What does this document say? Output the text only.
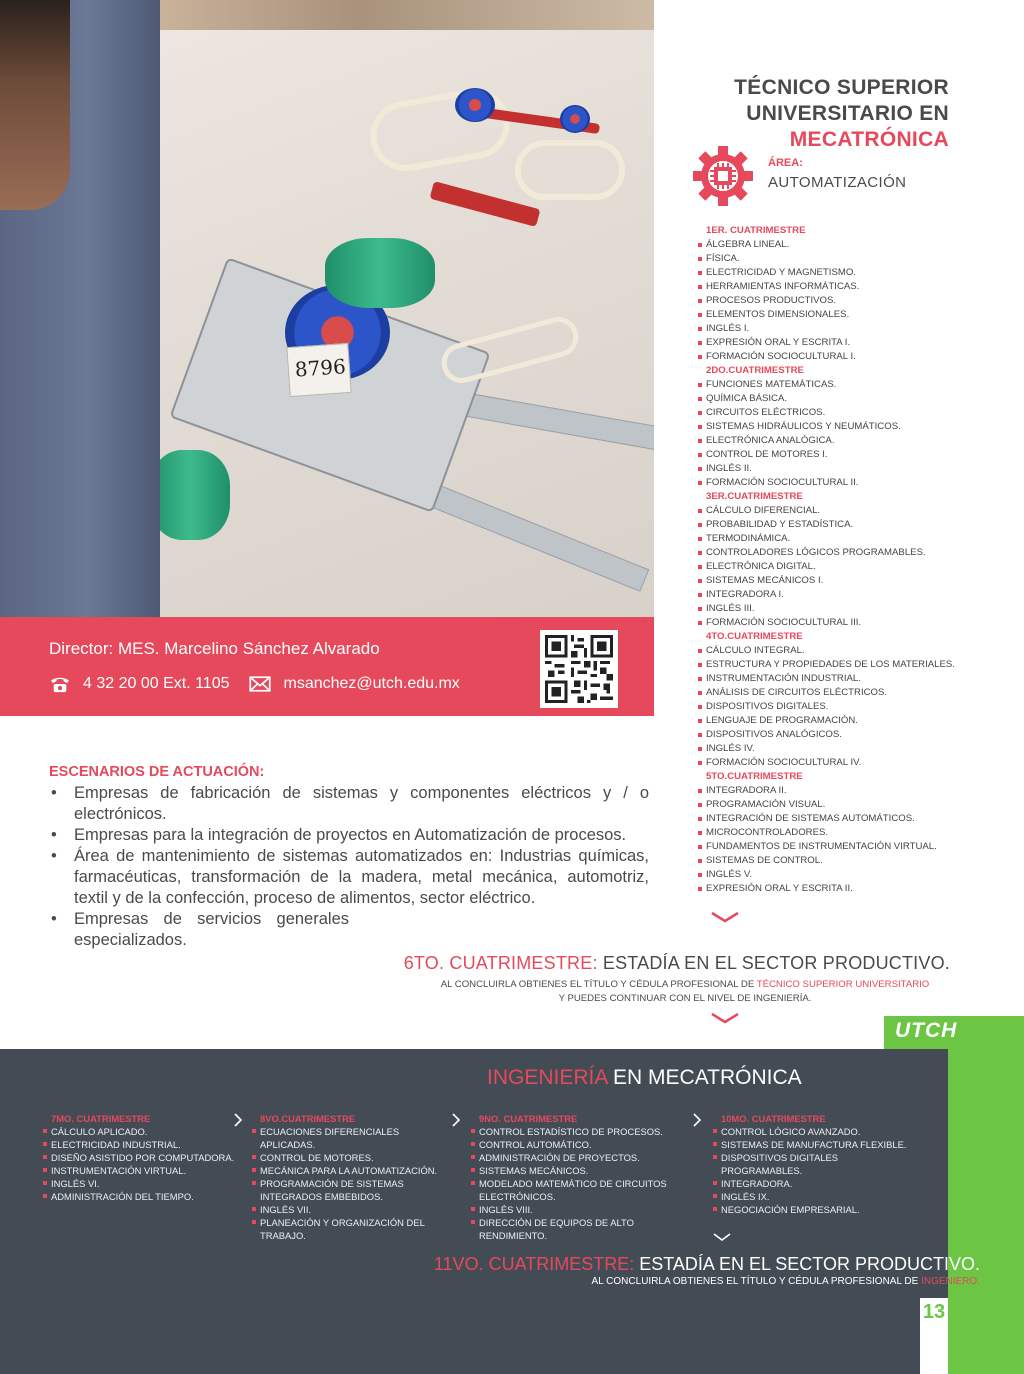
8796
Director: MES. Marcelino Sánchez Alvarado
4 32 20 00 Ext. 1105	msanchez@utch.edu.mx
TÉCNICO SUPERIOR
UNIVERSITARIO EN
MECATRÓNICA
ÁREA:
AUTOMATIZACIÓN
1ER. CUATRIMESTRE
ÁLGEBRA LINEAL.
FÍSICA.
ELECTRICIDAD Y MAGNETISMO.
HERRAMIENTAS INFORMÁTICAS.
PROCESOS PRODUCTIVOS.
ELEMENTOS DIMENSIONALES.
INGLÉS I.
EXPRESIÓN ORAL Y ESCRITA I.
FORMACIÓN SOCIOCULTURAL I.
2DO.CUATRIMESTRE
FUNCIONES MATEMÁTICAS.
QUÍMICA BÁSICA.
CIRCUITOS ELÉCTRICOS.
SISTEMAS HIDRÁULICOS Y NEUMÁTICOS.
ELECTRÓNICA ANALÓGICA.
CONTROL DE MOTORES I.
INGLÉS II.
FORMACIÓN SOCIOCULTURAL II.
3ER.CUATRIMESTRE
CÁLCULO DIFERENCIAL.
PROBABILIDAD Y ESTADÍSTICA.
TERMODINÁMICA.
CONTROLADORES LÓGICOS PROGRAMABLES.
ELECTRÓNICA DIGITAL.
SISTEMAS MECÁNICOS I.
INTEGRADORA I.
INGLÉS III.
FORMACIÓN SOCIOCULTURAL III.
4TO.CUATRIMESTRE
CÁLCULO INTEGRAL.
ESTRUCTURA Y PROPIEDADES DE LOS MATERIALES.
INSTRUMENTACIÓN INDUSTRIAL.
ANÁLISIS DE CIRCUITOS ELÉCTRICOS.
DISPOSITIVOS DIGITALES.
LENGUAJE DE PROGRAMACIÓN.
DISPOSITIVOS ANALÓGICOS.
INGLÉS IV.
FORMACIÓN SOCIOCULTURAL IV.
5TO.CUATRIMESTRE
INTEGRADORA II.
PROGRAMACIÓN VISUAL.
INTEGRACIÓN DE SISTEMAS AUTOMÁTICOS.
MICROCONTROLADORES.
FUNDAMENTOS DE INSTRUMENTACIÓN VIRTUAL.
SISTEMAS DE CONTROL.
INGLÉS V.
EXPRESIÓN ORAL Y ESCRITA II.
ESCENARIOS DE ACTUACIÓN:
• Empresas de fabricación de sistemas y componentes eléctricos y / o electrónicos.
• Empresas para la integración de proyectos en Automatización de procesos.
• Área de mantenimiento de sistemas automatizados en: Industrias químicas, farmacéuticas, transformación de la madera, metal mecánica, automotriz, textil y de la confección, proceso de alimentos, sector eléctrico.
• Empresas de servicios generales especializados.
6TO. CUATRIMESTRE: ESTADÍA EN EL SECTOR PRODUCTIVO.
AL CONCLUIRLA OBTIENES EL TÍTULO Y CÉDULA PROFESIONAL DE TÉCNICO SUPERIOR UNIVERSITARIO
Y PUEDES CONTINUAR CON EL NIVEL DE INGENIERÍA.
UTCH
INGENIERÍA EN MECATRÓNICA
7MO. CUATRIMESTRE
CÁLCULO APLICADO.
ELECTRICIDAD INDUSTRIAL.
DISEÑO ASISTIDO POR COMPUTADORA.
INSTRUMENTACIÓN VIRTUAL.
INGLÉS VI.
ADMINISTRACIÓN DEL TIEMPO.
8VO.CUATRIMESTRE
ECUACIONES DIFERENCIALES APLICADAS.
CONTROL DE MOTORES.
MECÁNICA PARA LA AUTOMATIZACIÓN.
PROGRAMACIÓN DE SISTEMAS INTEGRADOS EMBEBIDOS.
INGLÉS VII.
PLANEACIÓN Y ORGANIZACIÓN DEL TRABAJO.
9NO. CUATRIMESTRE
CONTROL ESTADÍSTICO DE PROCESOS.
CONTROL AUTOMÁTICO.
ADMINISTRACIÓN DE PROYECTOS.
SISTEMAS MECÁNICOS.
MODELADO MATEMÁTICO DE CIRCUITOS ELECTRÓNICOS.
INGLÉS VIII.
DIRECCIÓN DE EQUIPOS DE ALTO RENDIMIENTO.
10MO. CUATRIMESTRE
CONTROL LÓGICO AVANZADO.
SISTEMAS DE MANUFACTURA FLEXIBLE.
DISPOSITIVOS DIGITALES PROGRAMABLES.
INTEGRADORA.
INGLÉS IX.
NEGOCIACIÓN EMPRESARIAL.
11VO. CUATRIMESTRE: ESTADÍA EN EL SECTOR PRODUCTIVO.
AL CONCLUIRLA OBTIENES EL TÍTULO Y CÉDULA PROFESIONAL DE INGENIERO.
13
